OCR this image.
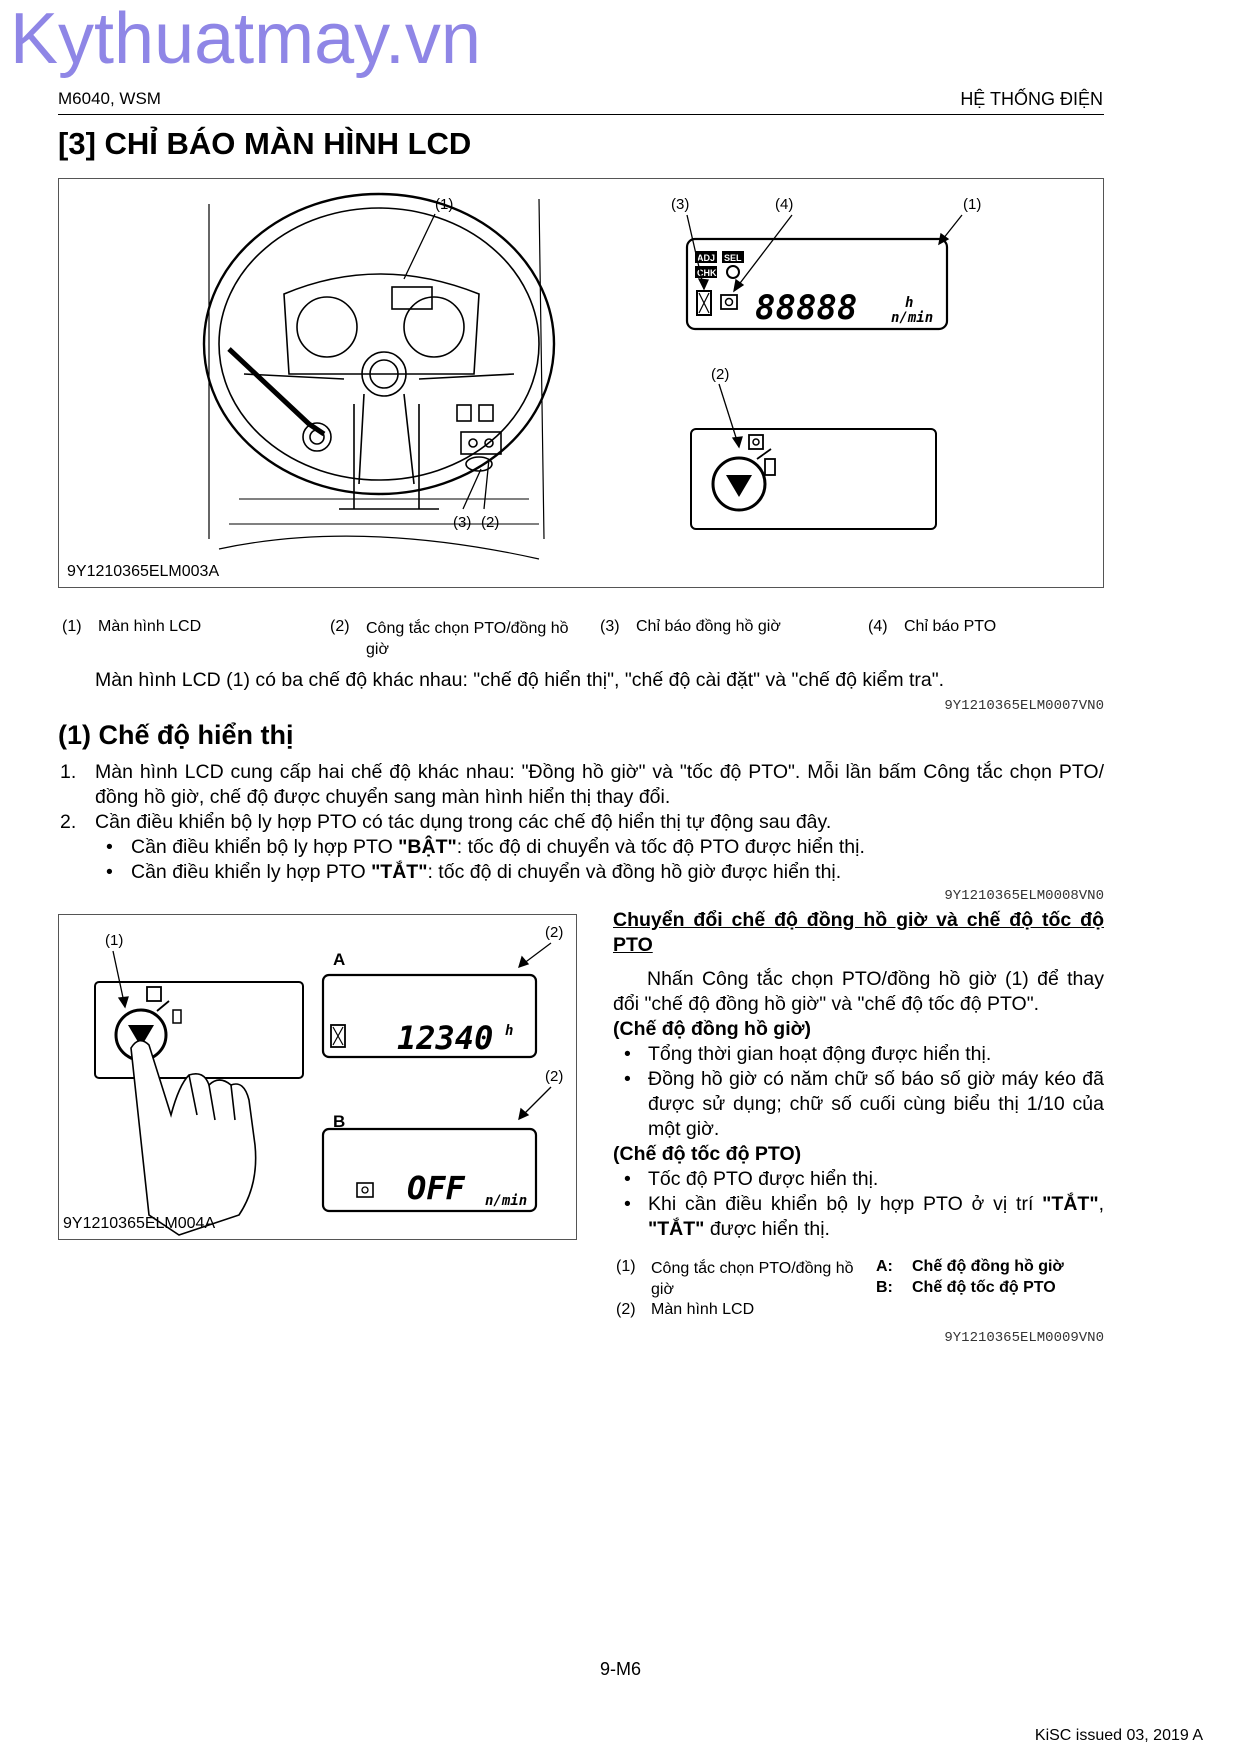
Kythuatmay.vn
M6040, WSM	HỆ THỐNG ĐIỆN
[3] CHỈ BÁO MÀN HÌNH LCD
(1)
(3) (2)
ADJ SEL
CHK
88888	h
n/min
(3)	(4)	(1)
(2)
9Y1210365ELM003A
(1) Màn hình LCD	(2) Công tắc chọn PTO/đồng hồ giờ
(3) Chỉ báo đồng hồ giờ	(4) Chỉ báo PTO
Màn hình LCD (1) có ba chế độ khác nhau: "chế độ hiển thị", "chế độ cài đặt" và "chế độ kiểm tra".
9Y1210365ELM0007VN0
(1) Chế độ hiển thị
1. Màn hình LCD cung cấp hai chế độ khác nhau: "Đồng hồ giờ" và "tốc độ PTO". Mỗi lần bấm Công tắc chọn PTO/đồng hồ giờ, chế độ được chuyển sang màn hình hiển thị thay đổi.
2. Cần điều khiển bộ ly hợp PTO có tác dụng trong các chế độ hiển thị tự động sau đây.
• Cần điều khiển bộ ly hợp PTO "BẬT": tốc độ di chuyển và tốc độ PTO được hiển thị.
• Cần điều khiển ly hợp PTO "TẮT": tốc độ di chuyển và đồng hồ giờ được hiển thị.
9Y1210365ELM0008VN0
(1)	(2)
(2)
A
B
12340 h
OFF n/min
9Y1210365ELM004A
Chuyển đổi chế độ đồng hồ giờ và chế độ tốc độ PTO
Nhấn Công tắc chọn PTO/đồng hồ giờ (1) để thay đổi "chế độ đồng hồ giờ" và "chế độ tốc độ PTO".
(Chế độ đồng hồ giờ)
• Tổng thời gian hoạt động được hiển thị.
• Đồng hồ giờ có năm chữ số báo số giờ máy kéo đã được sử dụng; chữ số cuối cùng biểu thị 1/10 của một giờ.
(Chế độ tốc độ PTO)
• Tốc độ PTO được hiển thị.
• Khi cần điều khiển bộ ly hợp PTO ở vị trí "TẮT", "TẮT" được hiển thị.
(1) Công tắc chọn PTO/đồng hồ giờ
(2) Màn hình LCD
A: Chế độ đồng hồ giờ
B: Chế độ tốc độ PTO
9Y1210365ELM0009VN0
9-M6
KiSC issued 03, 2019 A
